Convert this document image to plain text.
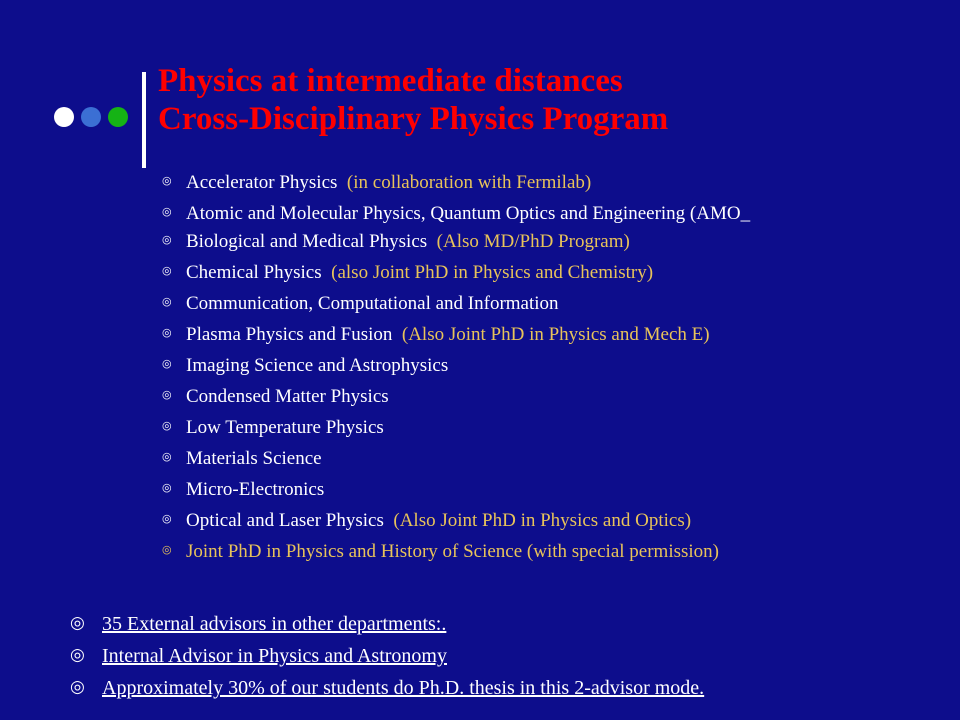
Physics at intermediate distances
Cross-Disciplinary Physics Program
◎ Accelerator Physics (in collaboration with Fermilab)
◎ Atomic and Molecular Physics, Quantum Optics and Engineering (AMO_
◎ Biological and Medical Physics (Also MD/PhD Program)
◎ Chemical Physics (also Joint PhD in Physics and Chemistry)
◎ Communication, Computational and Information
◎ Plasma Physics and Fusion (Also Joint PhD in Physics and Mech E)
◎ Imaging Science and Astrophysics
◎ Condensed Matter Physics
◎ Low Temperature Physics
◎ Materials Science
◎ Micro-Electronics
◎ Optical and Laser Physics (Also Joint PhD in Physics and Optics)
◎ Joint PhD in Physics and History of Science (with special permission)
◎ 35 External advisors in other departments:.
◎ Internal Advisor in Physics and Astronomy
◎ Approximately 30% of our students do Ph.D. thesis in this 2-advisor mode.
